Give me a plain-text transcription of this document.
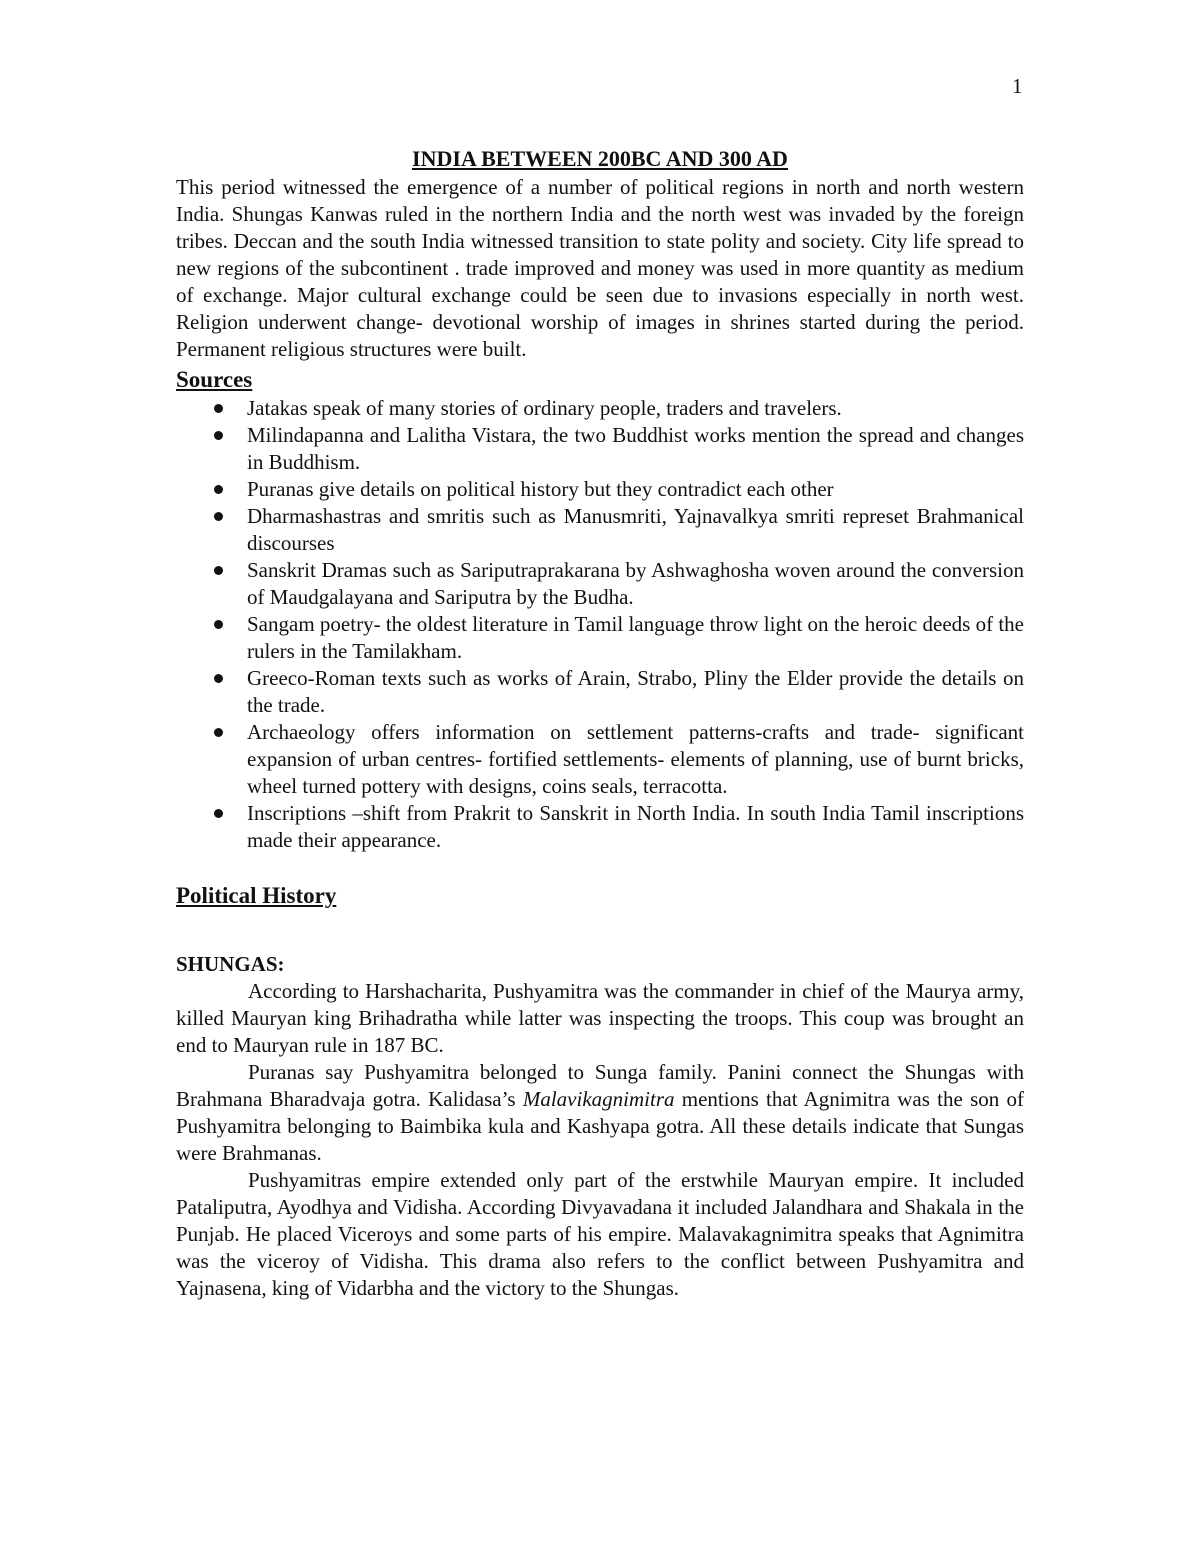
1
INDIA BETWEEN 200BC AND 300 AD

This period witnessed the emergence of a number of political regions in north and north western India. Shungas Kanwas ruled in the northern India and the north west was invaded by the foreign tribes. Deccan and the south India witnessed transition to state polity and society. City life spread to new regions of the subcontinent . trade improved and money was used in more quantity as medium of exchange. Major cultural exchange could be seen due to invasions especially in north west. Religion underwent change- devotional worship of images in shrines started during the period. Permanent religious structures were built.

Sources
Jatakas speak of many stories of ordinary people, traders and travelers.
Milindapanna and Lalitha Vistara, the two Buddhist works mention the spread and changes in Buddhism.
Puranas give details on political history but they contradict each other
Dharmashastras and smritis such as Manusmriti, Yajnavalkya smriti represet Brahmanical discourses
Sanskrit Dramas such as Sariputraprakarana by Ashwaghosha woven around the conversion of Maudgalayana and Sariputra by the Budha.
Sangam poetry- the oldest literature in Tamil language throw light on the heroic deeds of the rulers in the Tamilakham.
Greeco-Roman texts such as works of Arain, Strabo, Pliny the Elder provide the details on the trade.
Archaeology offers information on settlement patterns-crafts and trade- significant expansion of urban centres- fortified settlements- elements of planning, use of burnt bricks, wheel turned pottery with designs, coins seals, terracotta.
Inscriptions –shift from Prakrit to Sanskrit in North India. In south India Tamil inscriptions made their appearance.
Political History

SHUNGAS:

According to Harshacharita, Pushyamitra was the commander in chief of the Maurya army, killed Mauryan king Brihadratha while latter was inspecting the troops. This coup was brought an end to Mauryan rule in 187 BC.

Puranas say Pushyamitra belonged to Sunga family. Panini connect the Shungas with Brahmana Bharadvaja gotra. Kalidasa’s Malavikagnimitra mentions that Agnimitra was the son of Pushyamitra belonging to Baimbika kula and Kashyapa gotra. All these details indicate that Sungas were Brahmanas.

Pushyamitras empire extended only part of the erstwhile Mauryan empire. It included Pataliputra, Ayodhya and Vidisha. According Divyavadana it included Jalandhara and Shakala in the Punjab. He placed Viceroys and some parts of his empire. Malavakagnimitra speaks that Agnimitra was the viceroy of Vidisha. This drama also refers to the conflict between Pushyamitra and Yajnasena, king of Vidarbha and the victory to the Shungas.
